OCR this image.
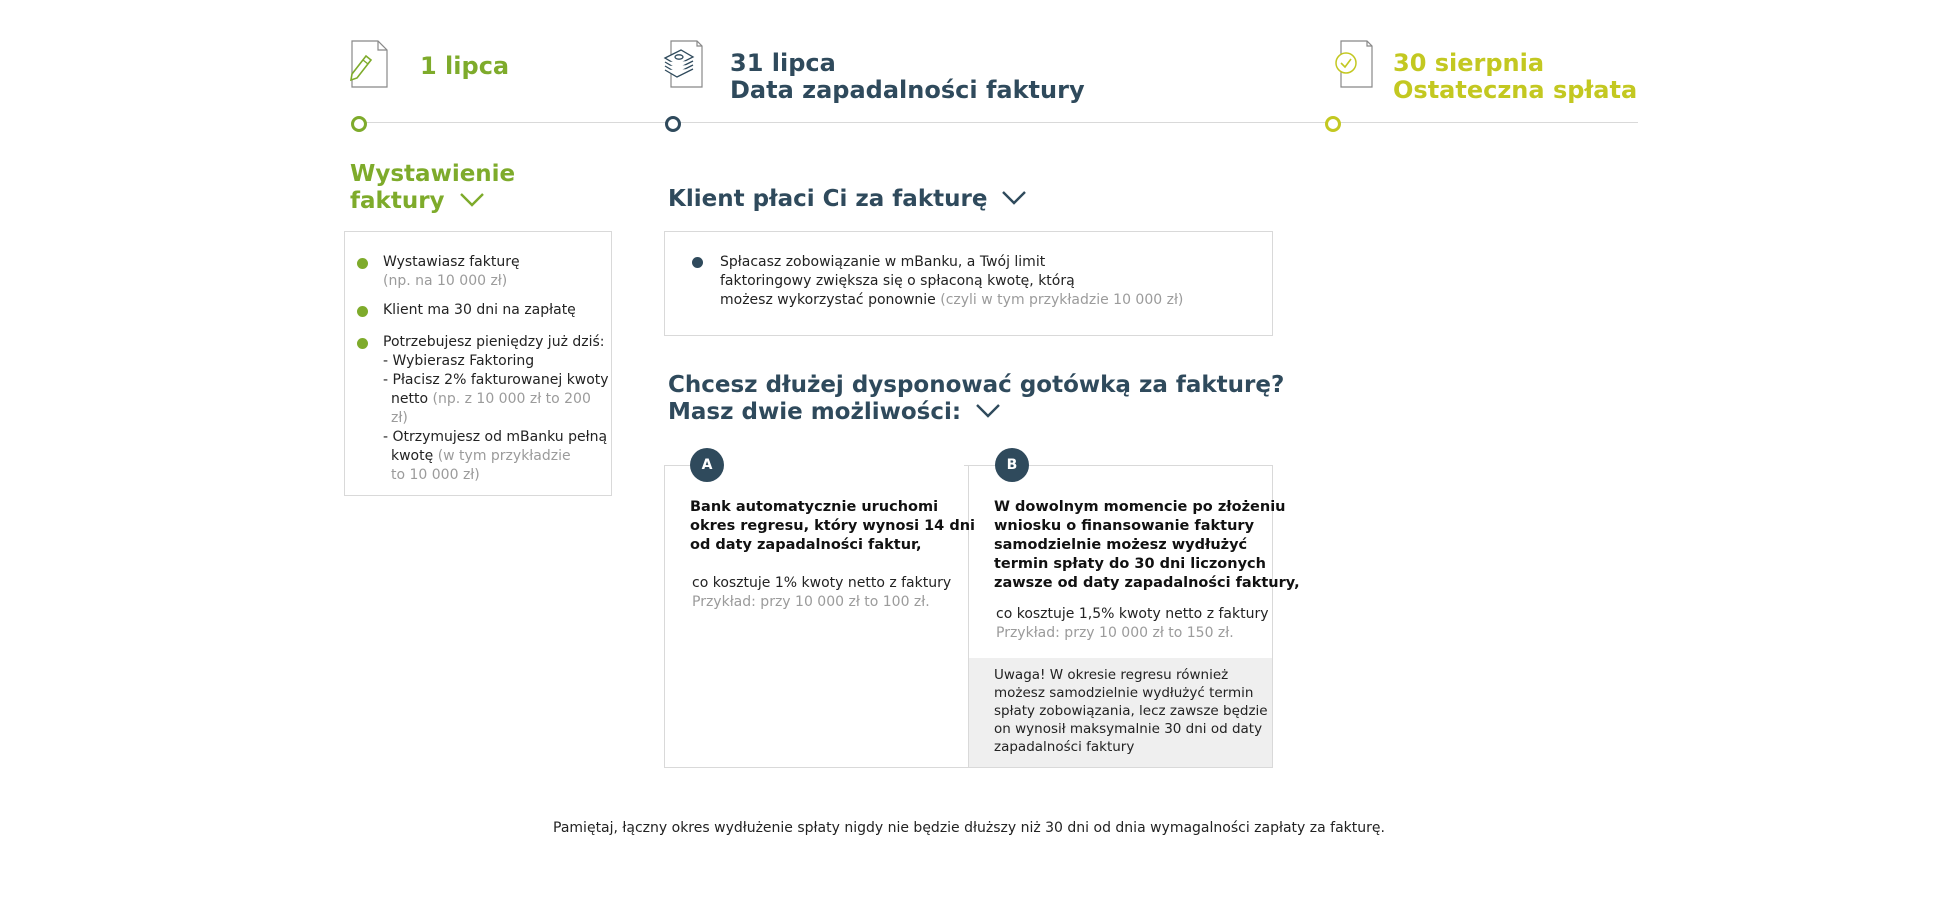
1 lipca	31 lipca
Data zapadalności faktury
30 sierpnia
Ostateczna spłata
Wystawienie
faktury
Wystawiasz fakturę
(np. na 10 000 zł)
Klient ma 30 dni na zapłatę
Potrzebujesz pieniędzy już dziś:
- Wybierasz Faktoring
- Płacisz 2% fakturowanej kwoty
netto (np. z 10 000 zł to 200 zł)
- Otrzymujesz od mBanku pełną
kwotę (w tym przykładzie
to 10 000 zł)
Klient płaci Ci za fakturę
Spłacasz zobowiązanie w mBanku, a Twój limit
faktoringowy zwiększa się o spłaconą kwotę, którą
możesz wykorzystać ponownie (czyli w tym przykładzie 10 000 zł)
Chcesz dłużej dysponować gotówką za fakturę?
Masz dwie możliwości:
A	B
Bank automatycznie uruchomi
okres regresu, który wynosi 14 dni
od daty zapadalności faktur,
co kosztuje 1% kwoty netto z faktury
Przykład: przy 10 000 zł to 100 zł.
W dowolnym momencie po złożeniu
wniosku o finansowanie faktury
samodzielnie możesz wydłużyć
termin spłaty do 30 dni liczonych
zawsze od daty zapadalności faktury,
co kosztuje 1,5% kwoty netto z faktury
Przykład: przy 10 000 zł to 150 zł.
Uwaga! W okresie regresu również
możesz samodzielnie wydłużyć termin
spłaty zobowiązania, lecz zawsze będzie
on wynosił maksymalnie 30 dni od daty
zapadalności faktury
Pamiętaj, łączny okres wydłużenie spłaty nigdy nie będzie dłuższy niż 30 dni od dnia wymagalności zapłaty za fakturę.
